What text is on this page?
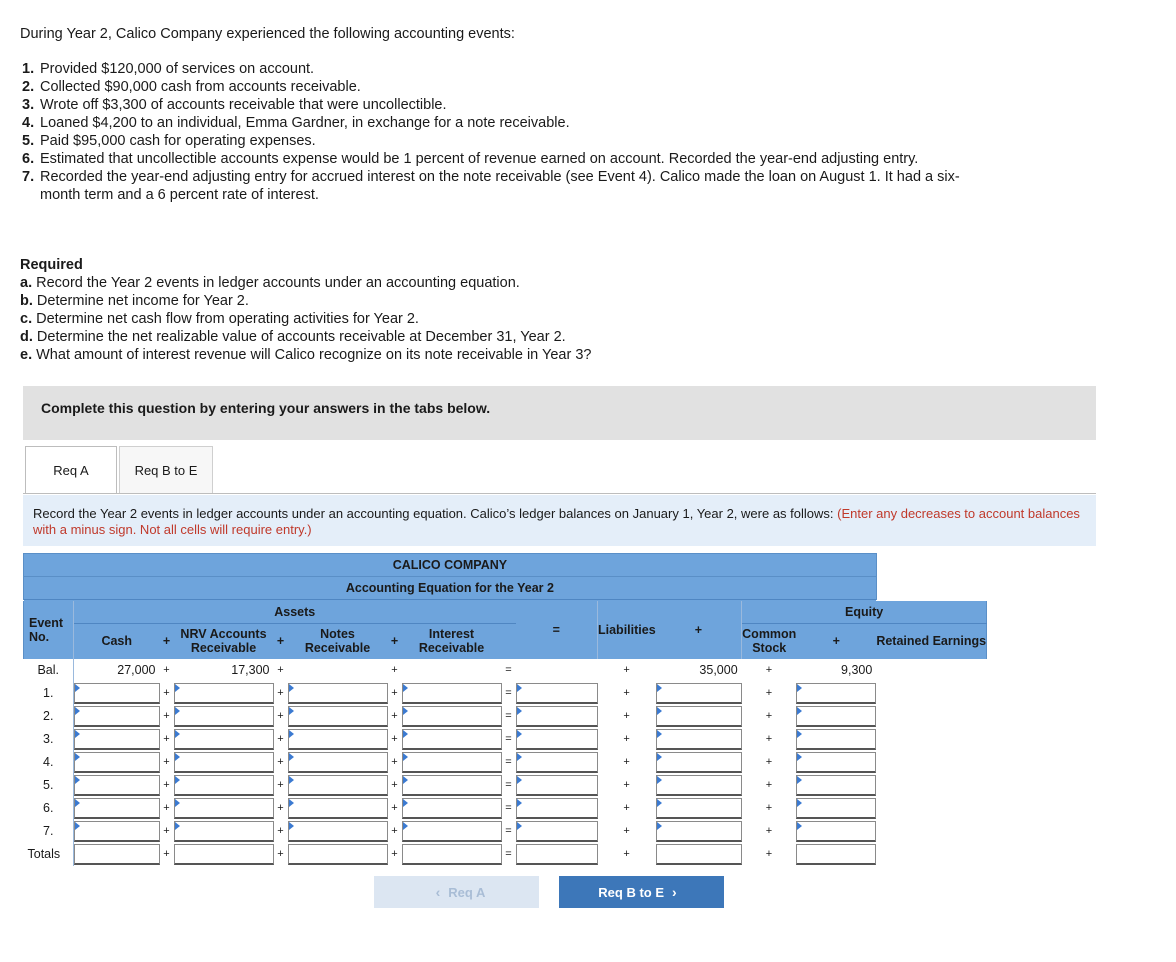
During Year 2, Calico Company experienced the following accounting events:
1. Provided $120,000 of services on account.
2. Collected $90,000 cash from accounts receivable.
3. Wrote off $3,300 of accounts receivable that were uncollectible.
4. Loaned $4,200 to an individual, Emma Gardner, in exchange for a note receivable.
5. Paid $95,000 cash for operating expenses.
6. Estimated that uncollectible accounts expense would be 1 percent of revenue earned on account. Recorded the year-end adjusting entry.
7. Recorded the year-end adjusting entry for accrued interest on the note receivable (see Event 4). Calico made the loan on August 1. It had a six-month term and a 6 percent rate of interest.
Required
a. Record the Year 2 events in ledger accounts under an accounting equation.
b. Determine net income for Year 2.
c. Determine net cash flow from operating activities for Year 2.
d. Determine the net realizable value of accounts receivable at December 31, Year 2.
e. What amount of interest revenue will Calico recognize on its note receivable in Year 3?
Complete this question by entering your answers in the tabs below.
Req A	Req B to E
Record the Year 2 events in ledger accounts under an accounting equation. Calico’s ledger balances on January 1, Year 2, were as follows: (Enter any decreases to account balances with a minus sign. Not all cells will require entry.)
CALICO COMPANY														
Accounting Equation for the Year 2														

Event No.	Assets								=	Liabilities	+	Equity		
	Cash	+	NRV Accounts Receivable	+	Notes Receivable	+	Interest Receivable					Common Stock	+	Retained Earnings
Bal.	27,000	+	17,300	+		+		=		+	35,000	+	9,300	
1.		+		+		+		=		+		+		

2.		+		+		+		=		+		+		

3.		+		+		+		=		+		+		

4.		+		+		+		=		+		+		

5.		+		+		+		=		+		+		

6.		+		+		+		=		+		+		

7.		+		+		+		=		+		+		

Totals		+		+		+		=		+		+		
‹ Req A	Req B to E ›
